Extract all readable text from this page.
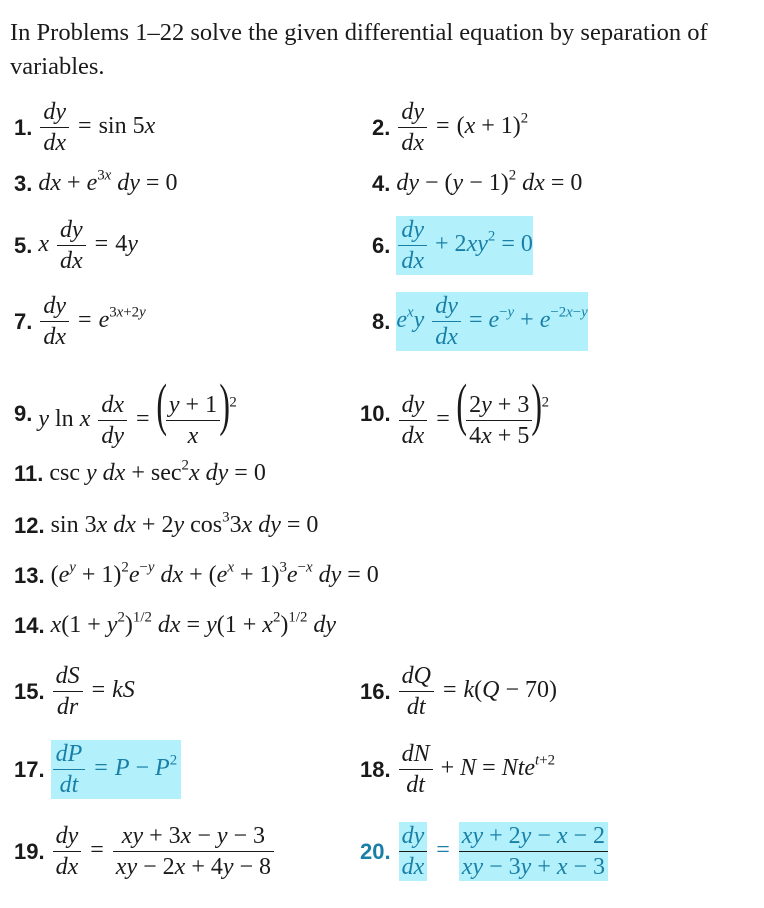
In Problems 1–22 solve the given differential equation by separation of variables.

1. $\frac{dy}{dx} = \sin 5x$	2. $\frac{dy}{dx} = (x + 1)^2$
3. dx + $e^{3x}$ dy = 0	4. dy − $(y - 1)^2$ dx = 0
5. x $\frac{dy}{dx} = 4y$	6. $\frac{dy}{dx} + 2xy^2 = 0$
7. $\frac{dy}{dx} = e^{3x+2y}$	8. $e^xy \frac{dy}{dx} = e^{-y} + e^{-2x-y}$
9. y ln x $\frac{dx}{dy}$ = ( $\frac{y + 1}{x} )^2$	10. $\frac{dy}{dx}$ = ( $\frac{2y + 3}{4x + 5} )^2$
11. csc y dx + $\sec^2x$ dy = 0
12. sin 3x dx + 2y $\cos^33x$ dy = 0
13. $(e^y + 1)^2e^{-y}$ dx + $(e^x + 1)^3e^{-x}$ dy = 0
14. $x(1 + y^2)^{1/2}$ dx = $y(1 + x^2)^{1/2}$ dy
15. $\frac{dS}{dr}$ = kS	16. $\frac{dQ}{dt} = k(Q - 70)$
17. $\frac{dP}{dt} = P - P^2$	18. $\frac{dN}{dt} + N = Nte^{t+2}$
19. $\frac{dy}{dx} = \frac{xy + 3x - y - 3}{xy - 2x + 4y - 8}$	20. $\frac{dy}{dx} = \frac{xy + 2y - x - 2}{xy - 3y + x - 3}$
